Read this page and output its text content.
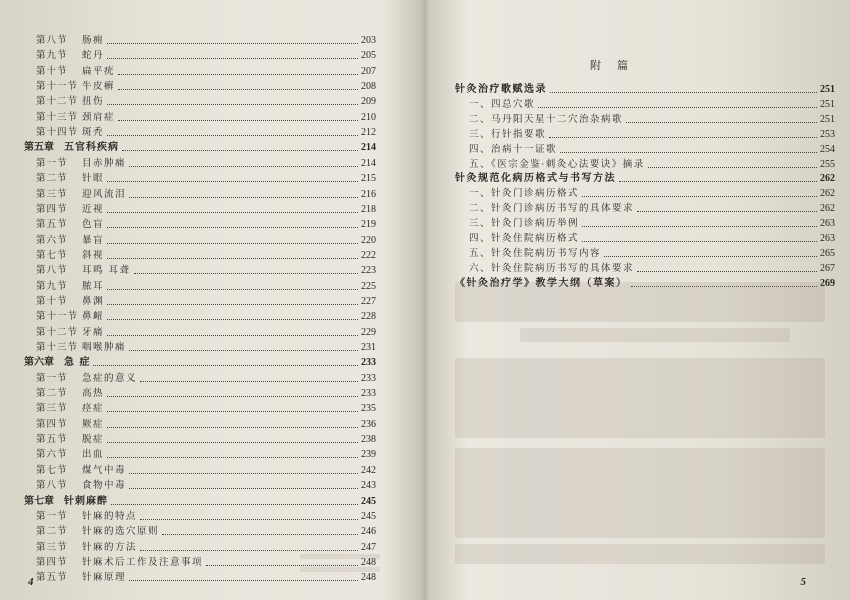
第八节	肠痈	203
第九节	蛇丹	205
第十节	扁平疣	207
第十一节 牛皮癣	208
第十二节 扭伤	209
第十三节 颈肩症	210
第十四节 斑秃	212
第五章 五官科疾病	214
第一节	目赤肿痛	214
第二节	针眼	215
第三节	迎风流泪	216
第四节	近视	218
第五节	色盲	219
第六节	暴盲	220
第七节	斜视	222
第八节	耳鸣 耳聋	223
第九节	脓耳	225
第十节	鼻渊	227
第十一节 鼻衄	228
第十二节 牙痛	229
第十三节 咽喉肿痛	231
第六章 急 症	233
第一节	急症的意义	233
第二节	高热	233
第三节	痉症	235
第四节	厥症	236
第五节	脱症	238
第六节	出血	239
第七节	煤气中毒	242
第八节	食物中毒	243
第七章 针刺麻醉	245
第一节	针麻的特点	245
第二节	针麻的选穴原则	246
第三节	针麻的方法	247
第四节	针麻术后工作及注意事项	248
第五节	针麻原理	248
4
附篇
针灸治疗歌赋选录	251
一、四总穴歌	251
二、马丹阳天星十二穴治杂病歌	251
三、行针指要歌	253
四、治病十一证歌	254
五、《医宗金鉴·刺灸心法要诀》摘录	255
针灸规范化病历格式与书写方法	262
一、针灸门诊病历格式	262
二、针灸门诊病历书写的具体要求	262
三、针灸门诊病历举例	263
四、针灸住院病历格式	263
五、针灸住院病历书写内容	265
六、针灸住院病历书写的具体要求	267
《针灸治疗学》教学大纲（草案）	269
5
